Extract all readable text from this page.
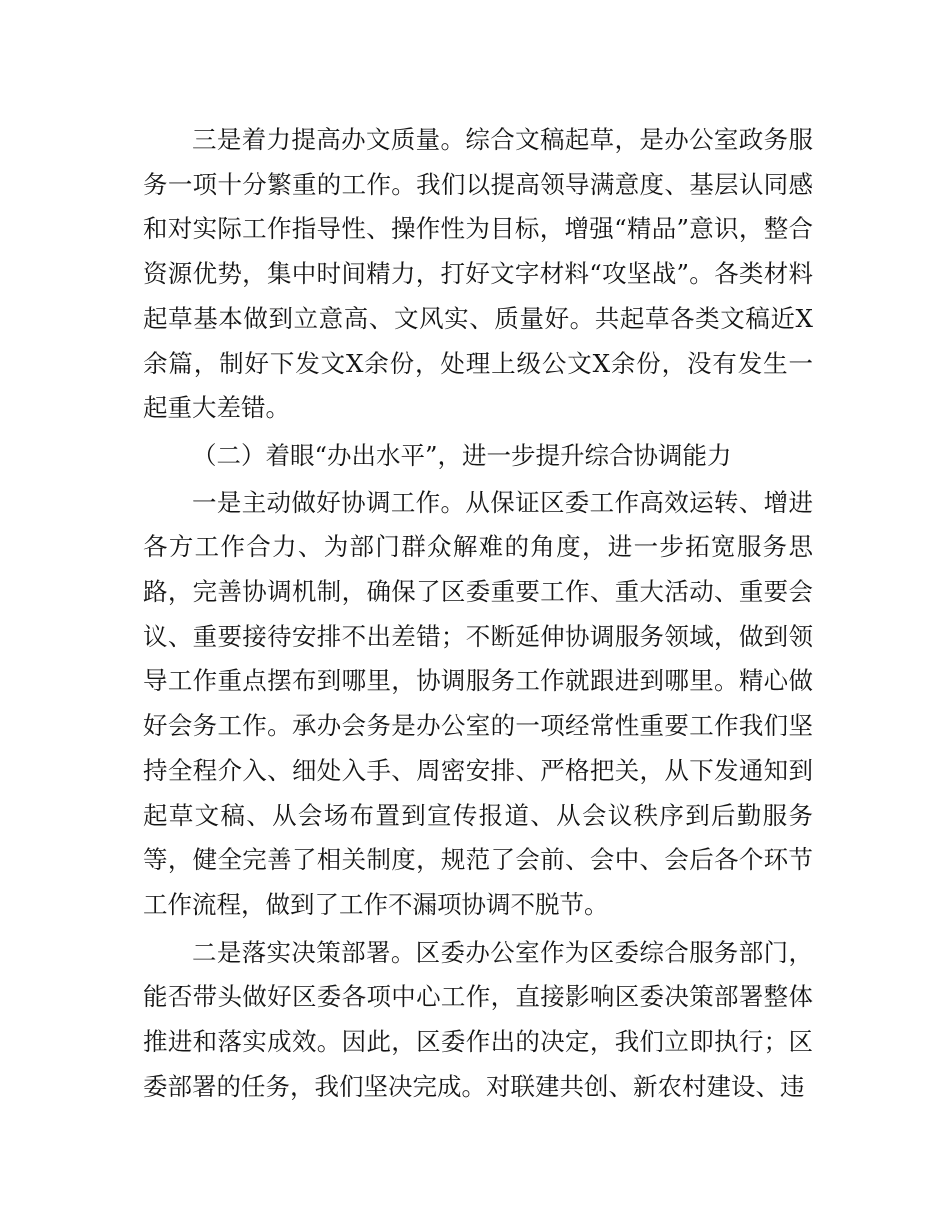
三是着力提高办文质量。综合文稿起草，是办公室政务服务一项十分繁重的工作。我们以提高领导满意度、基层认同感和对实际工作指导性、操作性为目标，增强“精品”意识，整合资源优势，集中时间精力，打好文字材料“攻坚战”。各类材料起草基本做到立意高、文风实、质量好。共起草各类文稿近X余篇，制好下发文X余份，处理上级公文X余份，没有发生一起重大差错。

（二）着眼“办出水平”，进一步提升综合协调能力

一是主动做好协调工作。从保证区委工作高效运转、增进各方工作合力、为部门群众解难的角度，进一步拓宽服务思路，完善协调机制，确保了区委重要工作、重大活动、重要会议、重要接待安排不出差错；不断延伸协调服务领域，做到领导工作重点摆布到哪里，协调服务工作就跟进到哪里。精心做好会务工作。承办会务是办公室的一项经常性重要工作我们坚持全程介入、细处入手、周密安排、严格把关，从下发通知到起草文稿、从会场布置到宣传报道、从会议秩序到后勤服务等，健全完善了相关制度，规范了会前、会中、会后各个环节工作流程，做到了工作不漏项协调不脱节。

二是落实决策部署。区委办公室作为区委综合服务部门，能否带头做好区委各项中心工作，直接影响区委决策部署整体推进和落实成效。因此，区委作出的决定，我们立即执行；区委部署的任务，我们坚决完成。对联建共创、新农村建设、违
